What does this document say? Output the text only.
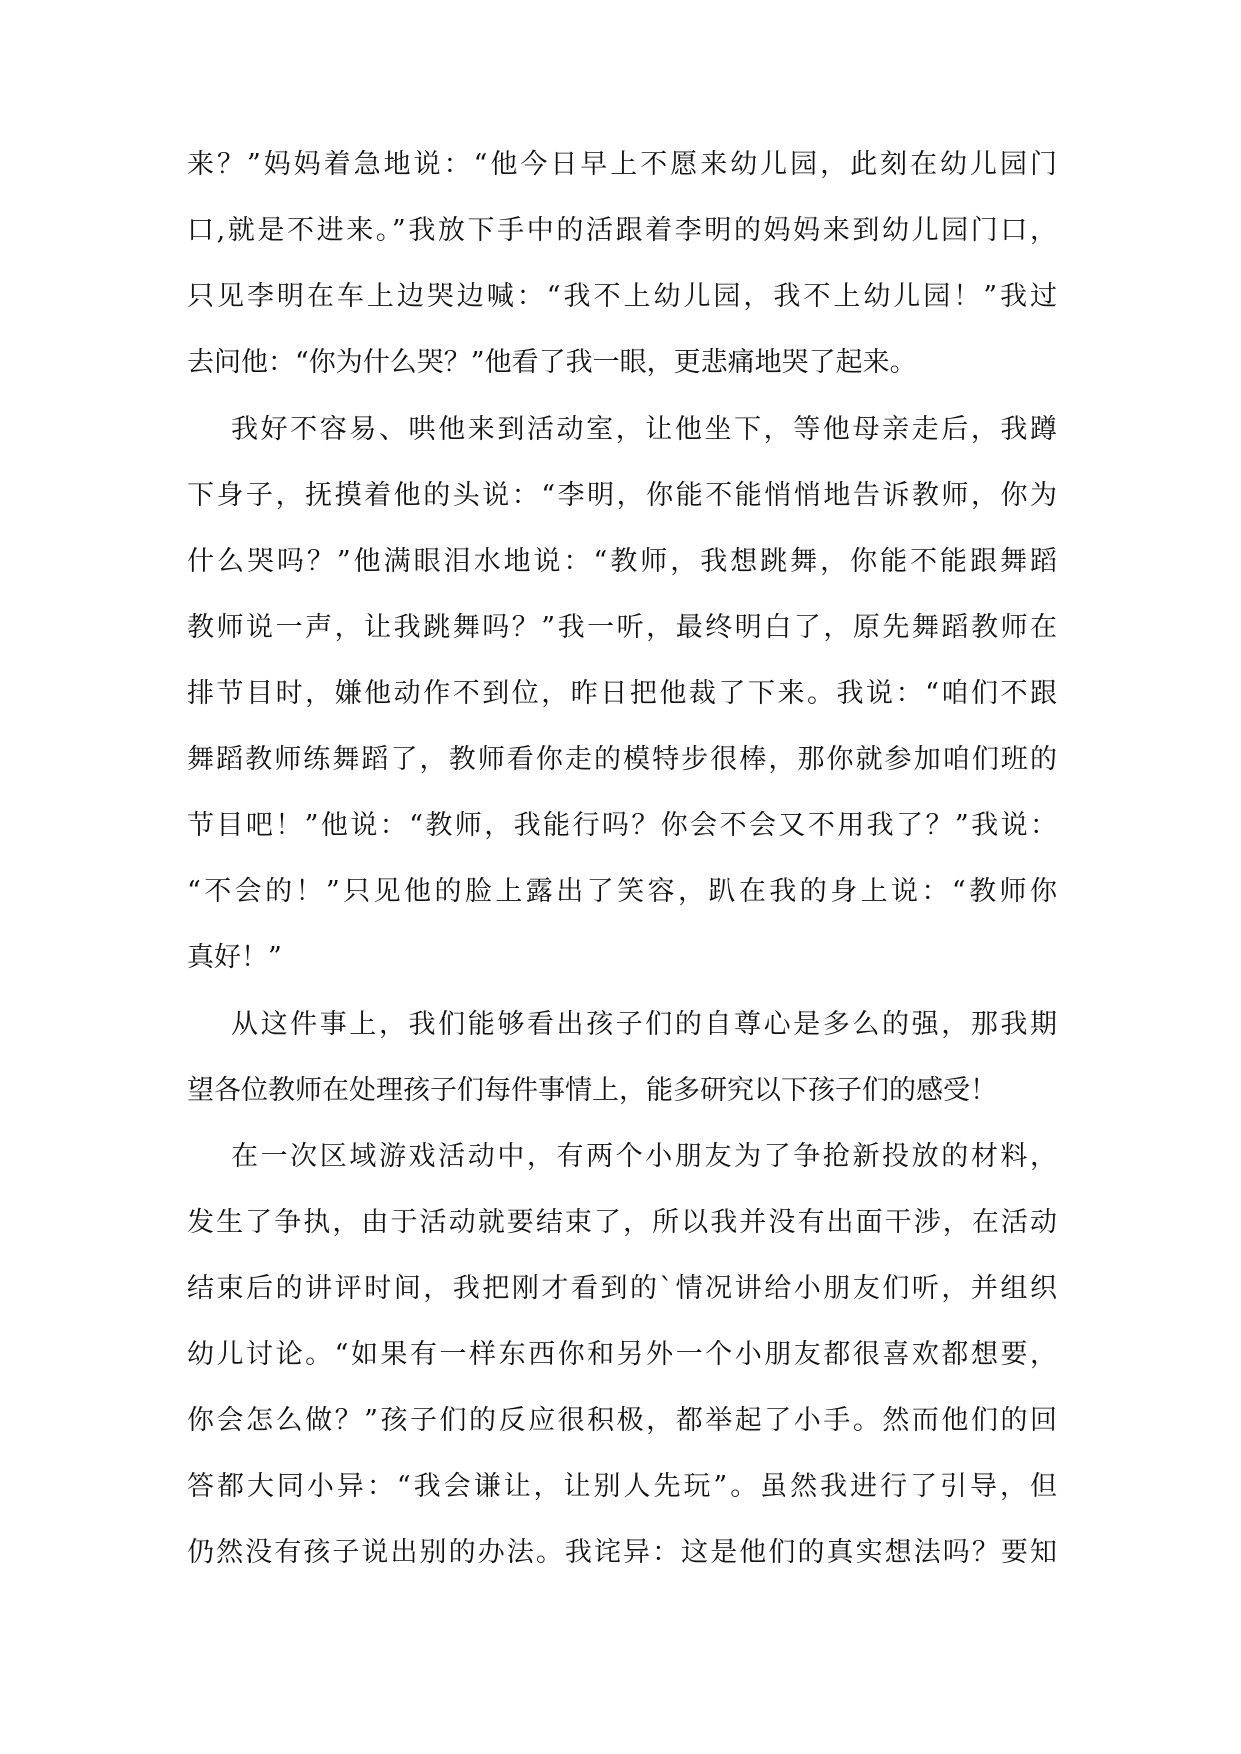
来？”妈妈着急地说：“他今日早上不愿来幼儿园，此刻在幼儿园门
口,就是不进来。”我放下手中的活跟着李明的妈妈来到幼儿园门口，
只见李明在车上边哭边喊：“我不上幼儿园，我不上幼儿园！”我过
去问他：“你为什么哭？”他看了我一眼，更悲痛地哭了起来。
我好不容易、哄他来到活动室，让他坐下，等他母亲走后，我蹲
下身子，抚摸着他的头说：“李明，你能不能悄悄地告诉教师，你为
什么哭吗？”他满眼泪水地说：“教师，我想跳舞，你能不能跟舞蹈
教师说一声，让我跳舞吗？”我一听，最终明白了，原先舞蹈教师在
排节目时，嫌他动作不到位，昨日把他裁了下来。我说：“咱们不跟
舞蹈教师练舞蹈了，教师看你走的模特步很棒，那你就参加咱们班的
节目吧！”他说：“教师，我能行吗？你会不会又不用我了？”我说：
“不会的！”只见他的脸上露出了笑容，趴在我的身上说：“教师你
真好！”
从这件事上，我们能够看出孩子们的自尊心是多么的强，那我期
望各位教师在处理孩子们每件事情上，能多研究以下孩子们的感受！
在一次区域游戏活动中，有两个小朋友为了争抢新投放的材料，
发生了争执，由于活动就要结束了，所以我并没有出面干涉，在活动
结束后的讲评时间，我把刚才看到的`情况讲给小朋友们听，并组织
幼儿讨论。“如果有一样东西你和另外一个小朋友都很喜欢都想要，
你会怎么做？”孩子们的反应很积极，都举起了小手。然而他们的回
答都大同小异：“我会谦让，让别人先玩”。虽然我进行了引导，但
仍然没有孩子说出别的办法。我诧异：这是他们的真实想法吗？要知
